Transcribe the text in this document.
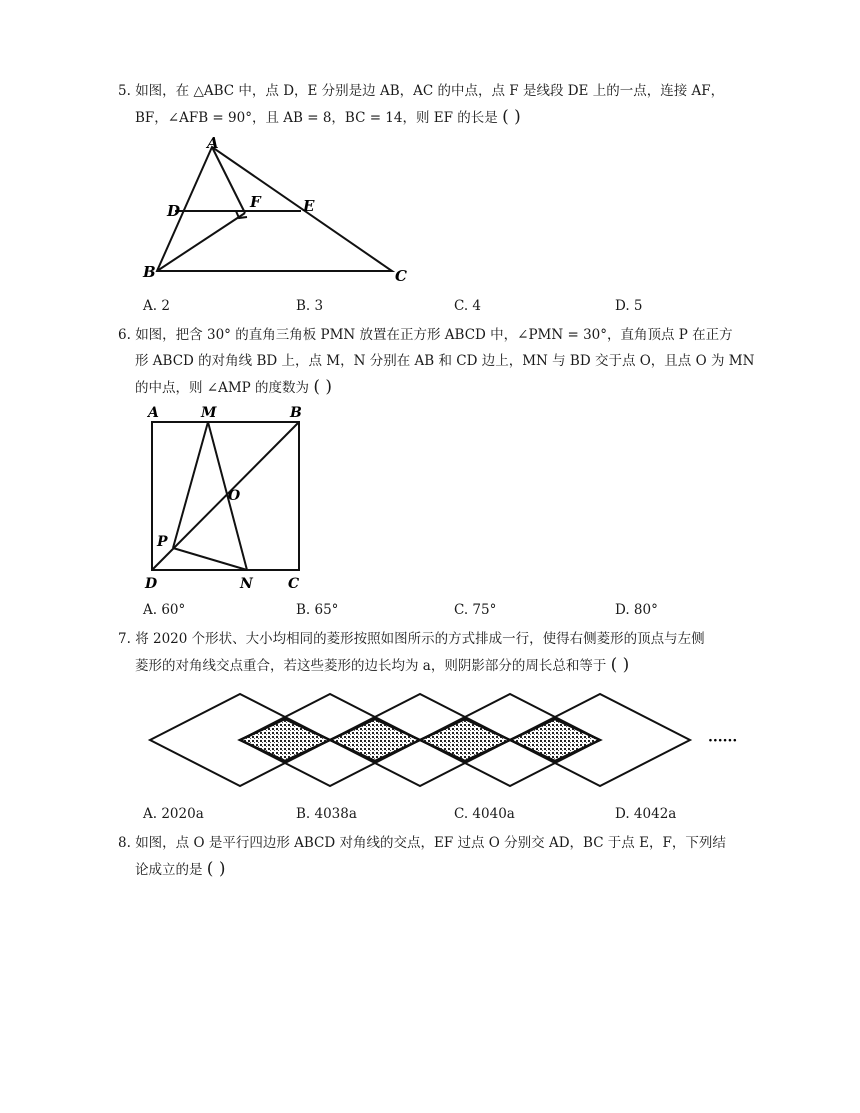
5. 如图，在 △ABC 中，点 D，E 分别是边 AB，AC 的中点，点 F 是线段 DE 上的一点，连接 AF，
BF，∠AFB = 90°，且 AB = 8，BC = 14，则 EF 的长是 ( )
A
D	F	E
B	C
A. 2	B. 3	C. 4	D. 5
6. 如图，把含 30° 的直角三角板 PMN 放置在正方形 ABCD 中，∠PMN = 30°，直角顶点 P 在正方
形 ABCD 的对角线 BD 上，点 M，N 分别在 AB 和 CD 边上，MN 与 BD 交于点 O，且点 O 为 MN
的中点，则 ∠AMP 的度数为 ( )
A	M	B
O
P
D	N	C
A. 60°	B. 65°	C. 75°	D. 80°
7. 将 2020 个形状、大小均相同的菱形按照如图所示的方式排成一行，使得右侧菱形的顶点与左侧
菱形的对角线交点重合，若这些菱形的边长均为 a，则阴影部分的周长总和等于 ( )
······
A. 2020a	B. 4038a	C. 4040a	D. 4042a
8. 如图，点 O 是平行四边形 ABCD 对角线的交点，EF 过点 O 分别交 AD，BC 于点 E，F，下列结
论成立的是 ( )
